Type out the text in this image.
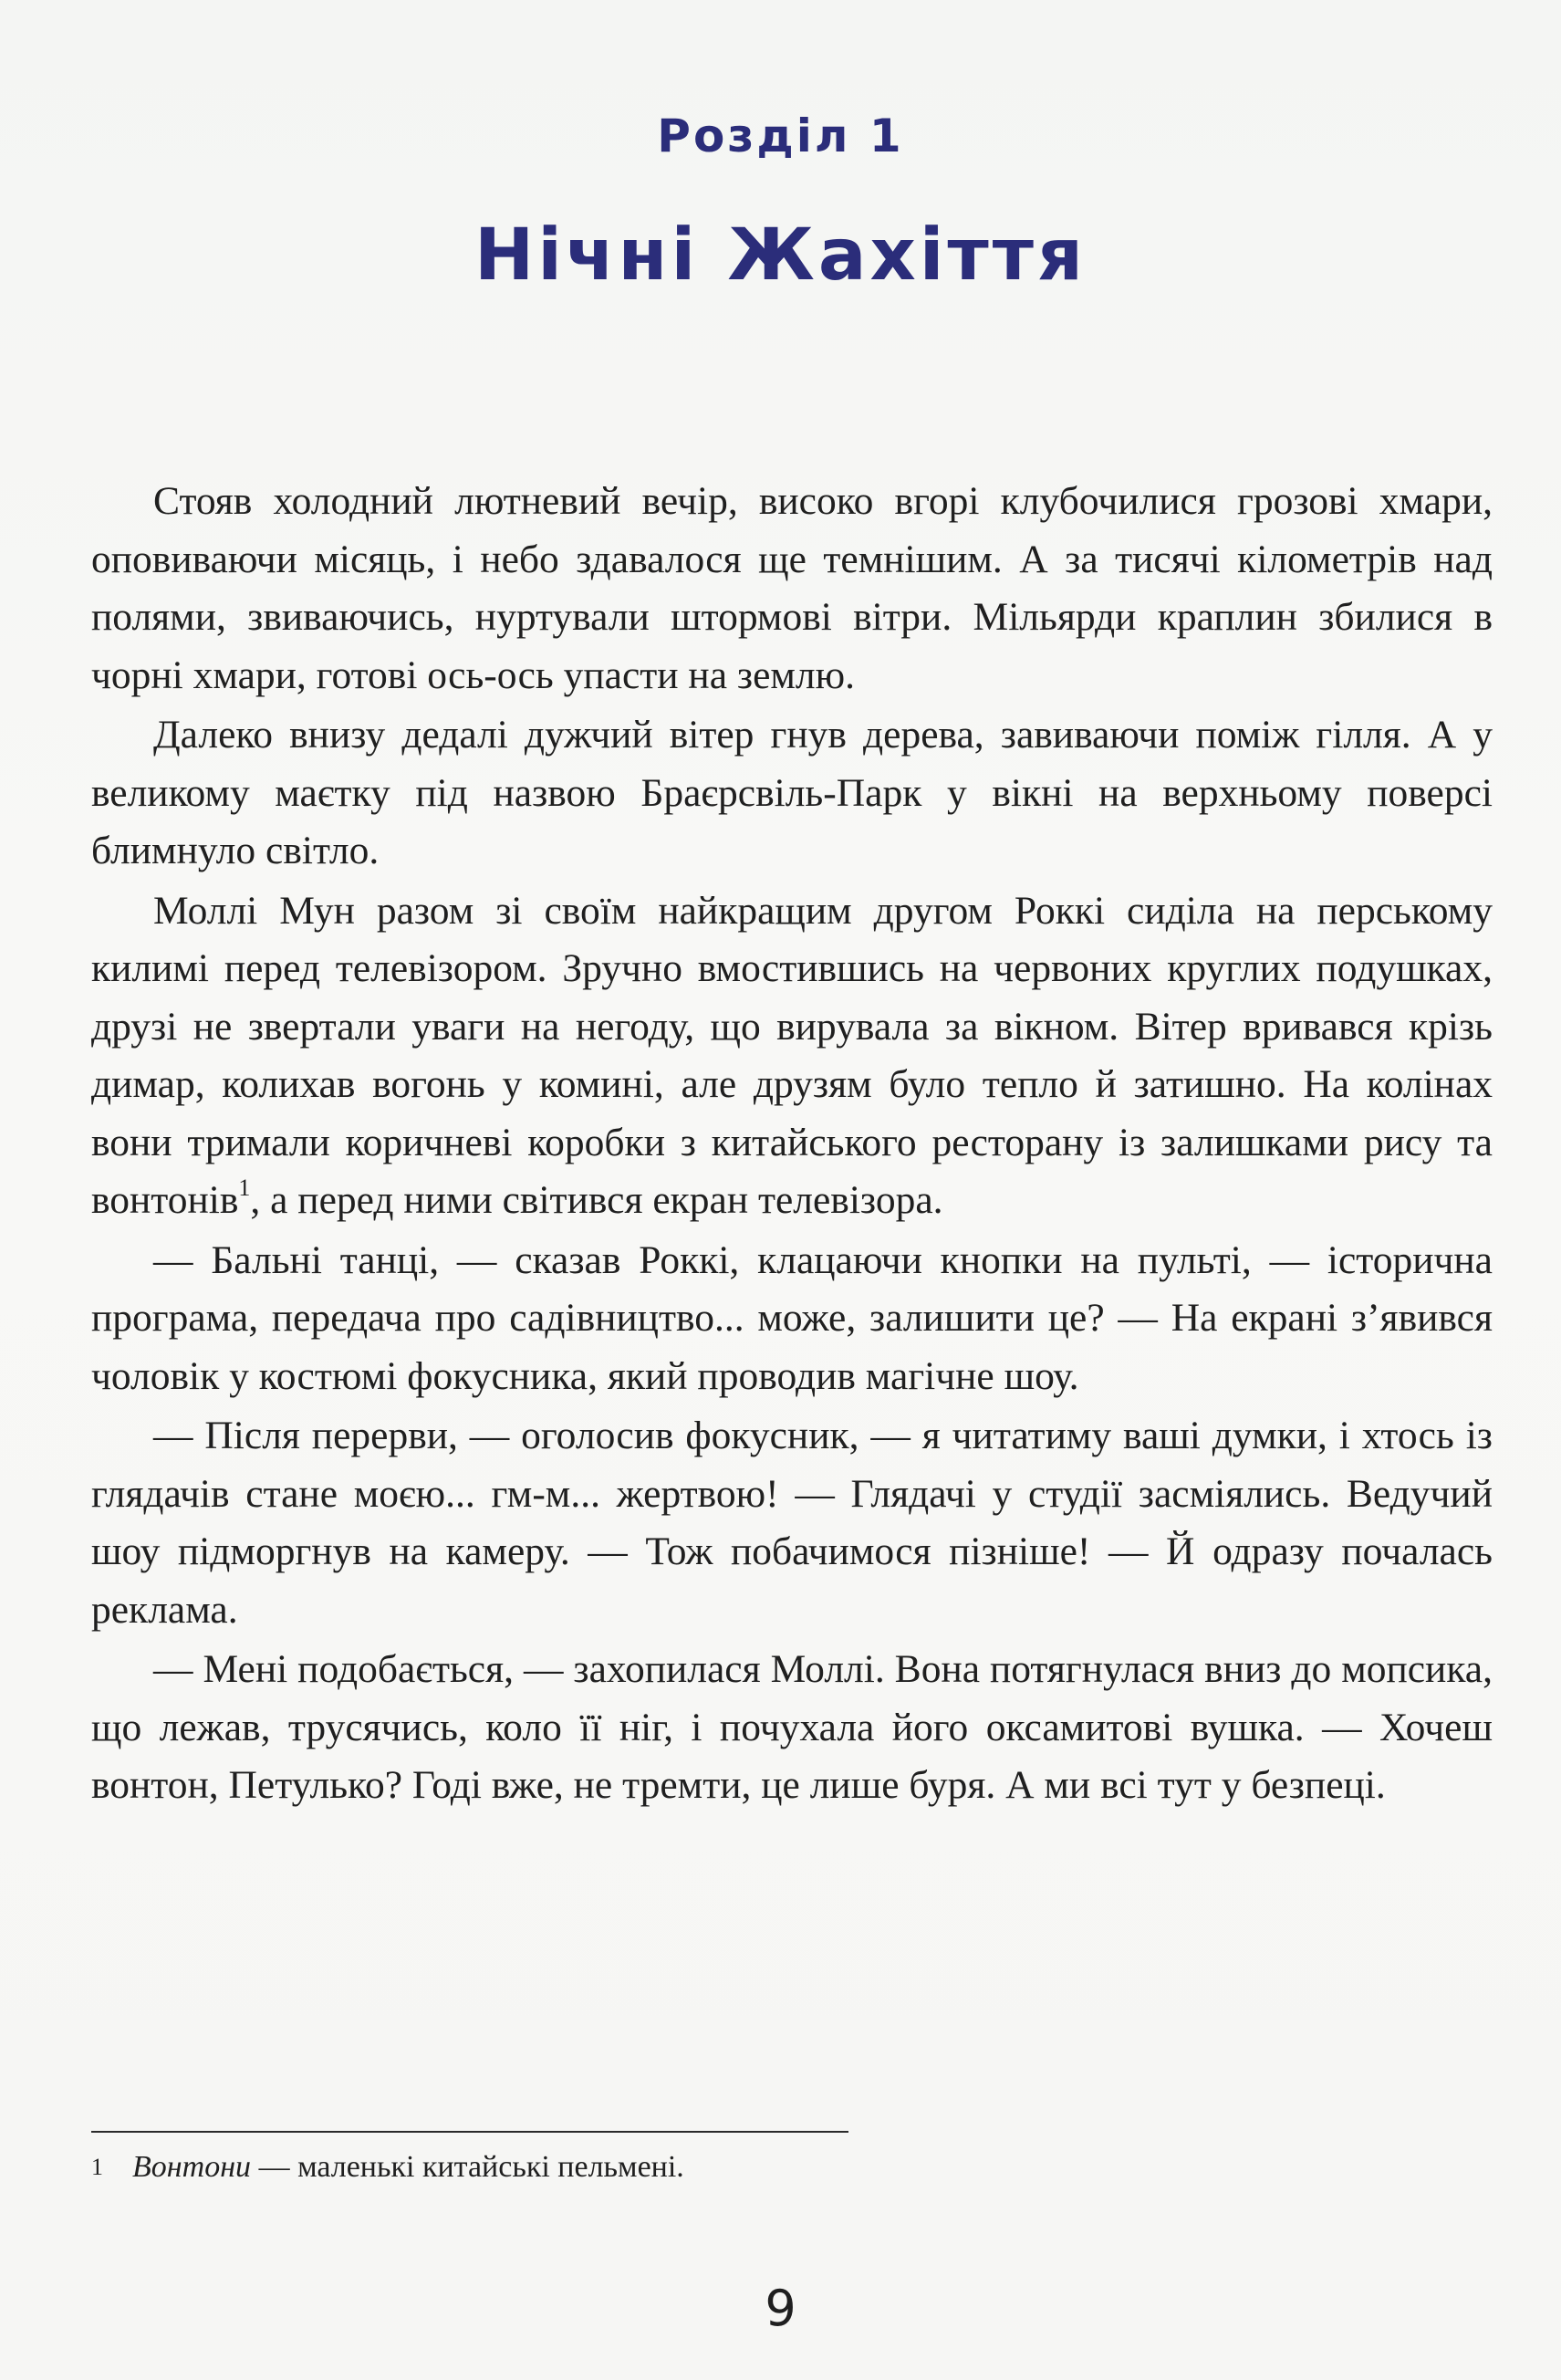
Розділ 1
Нічні Жахіття

Стояв холодний лютневий вечір, високо вгорі клубочилися грозові хмари, оповиваючи місяць, і небо здавалося ще темнішим. А за тисячі кілометрів над полями, звиваючись, нуртували штормові вітри. Мільярди краплин збилися в чорні хмари, готові ось-ось упасти на землю.

Далеко внизу дедалі дужчий вітер гнув дерева, завиваючи поміж гілля. А у великому маєтку під назвою Браєрсвіль-Парк у вікні на верхньому поверсі блимнуло світло.

Моллі Мун разом зі своїм найкращим другом Роккі сиділа на перському килимі перед телевізором. Зручно вмостившись на червоних круглих подушках, друзі не звертали уваги на негоду, що вирувала за вікном. Вітер вривався крізь димар, колихав вогонь у комині, але друзям було тепло й затишно. На колінах вони тримали коричневі коробки з китайського ресторану із залишками рису та вонтонів$^1$, а перед ними світився екран телевізора.

— Бальні танці, — сказав Роккі, клацаючи кнопки на пульті, — історична програма, передача про садівництво... може, залишити це? — На екрані з’явився чоловік у костюмі фокусника, який проводив магічне шоу.

— Після перерви, — оголосив фокусник, — я читатиму ваші думки, і хтось із глядачів стане моєю... гм-м... жертвою! — Глядачі у студії засміялись. Ведучий шоу підморгнув на камеру. — Тож побачимося пізніше! — Й одразу почалась реклама.

— Мені подобається, — захопилася Моллі. Вона потягнулася вниз до мопсика, що лежав, трусячись, коло її ніг, і почухала його оксамитові вушка. — Хочеш вонтон, Петулько? Годі вже, не тремти, це лише буря. А ми всі тут у безпеці.

$^1$ Вонтони — маленькі китайські пельмені.
9
